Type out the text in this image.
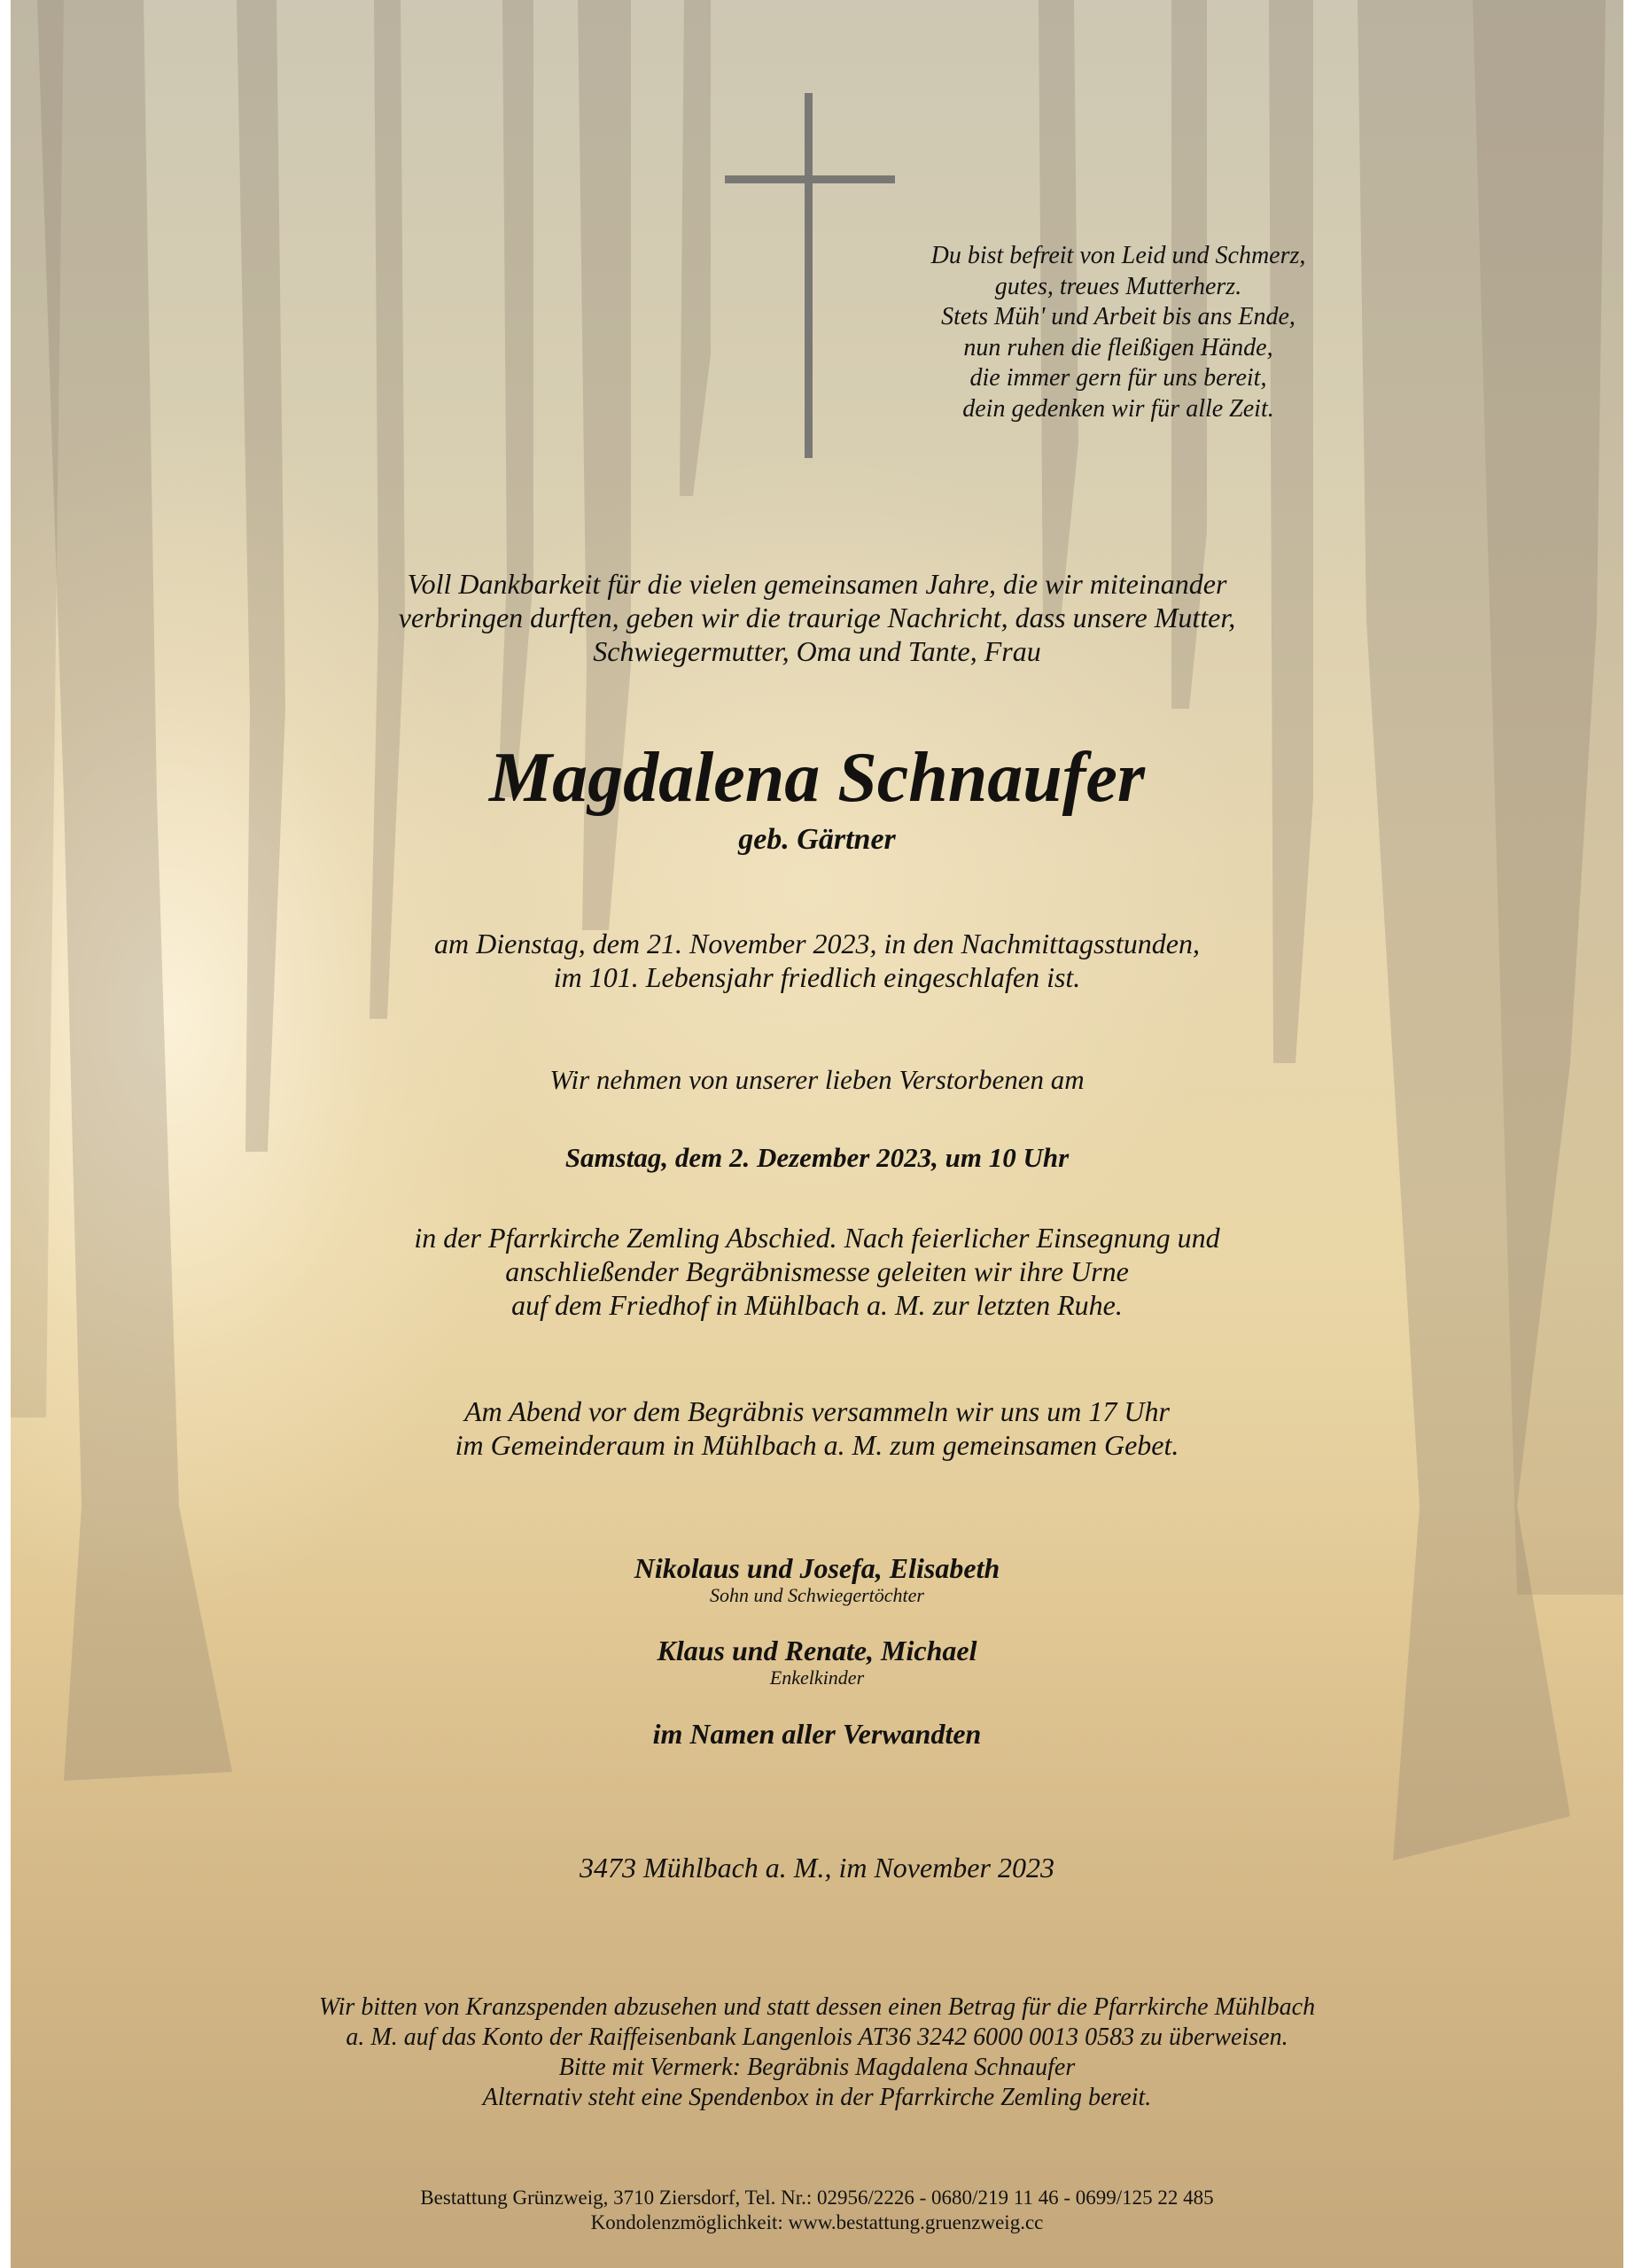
Du bist befreit von Leid und Schmerz,
gutes, treues Mutterherz.
Stets Müh' und Arbeit bis ans Ende,
nun ruhen die fleißigen Hände,
die immer gern für uns bereit,
dein gedenken wir für alle Zeit.
Voll Dankbarkeit für die vielen gemeinsamen Jahre, die wir miteinander
verbringen durften, geben wir die traurige Nachricht, dass unsere Mutter,
Schwiegermutter, Oma und Tante, Frau
Magdalena Schnaufer
geb. Gärtner
am Dienstag, dem 21. November 2023, in den Nachmittagsstunden,
im 101. Lebensjahr friedlich eingeschlafen ist.
Wir nehmen von unserer lieben Verstorbenen am
Samstag, dem 2. Dezember 2023, um 10 Uhr
in der Pfarrkirche Zemling Abschied. Nach feierlicher Einsegnung und
anschließender Begräbnismesse geleiten wir ihre Urne
auf dem Friedhof in Mühlbach a. M. zur letzten Ruhe.
Am Abend vor dem Begräbnis versammeln wir uns um 17 Uhr
im Gemeinderaum in Mühlbach a. M. zum gemeinsamen Gebet.
Nikolaus und Josefa, Elisabeth
Sohn und Schwiegertöchter
Klaus und Renate, Michael
Enkelkinder
im Namen aller Verwandten
3473 Mühlbach a. M., im November 2023
Wir bitten von Kranzspenden abzusehen und statt dessen einen Betrag für die Pfarrkirche Mühlbach
a. M. auf das Konto der Raiffeisenbank Langenlois AT36 3242 6000 0013 0583 zu überweisen.
Bitte mit Vermerk: Begräbnis Magdalena Schnaufer
Alternativ steht eine Spendenbox in der Pfarrkirche Zemling bereit.
Bestattung Grünzweig, 3710 Ziersdorf, Tel. Nr.: 02956/2226 - 0680/219 11 46 - 0699/125 22 485
Kondolenzmöglichkeit: www.bestattung.gruenzweig.cc
